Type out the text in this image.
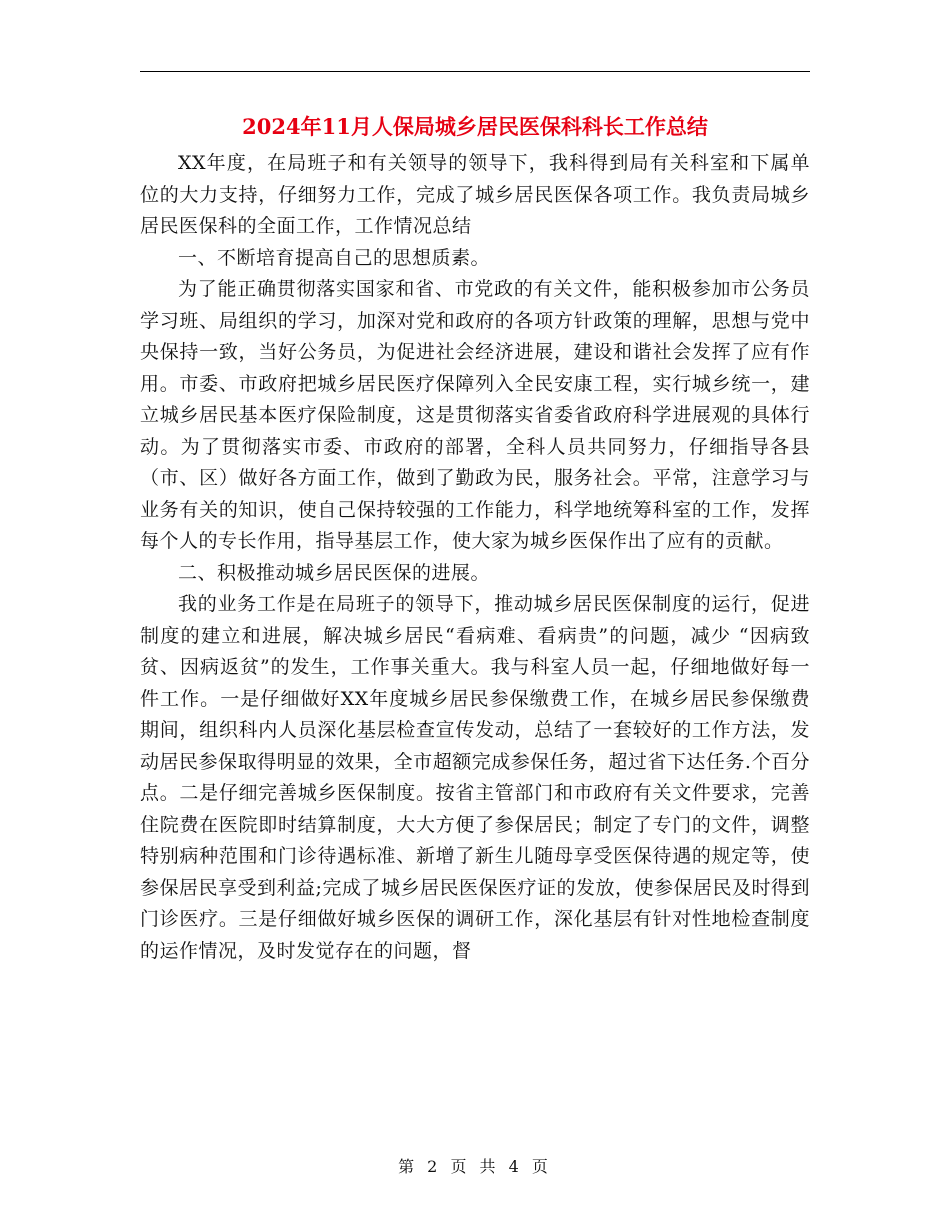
2024年11月人保局城乡居民医保科科长工作总结

XX年度，在局班子和有关领导的领导下，我科得到局有关科室和下属单位的大力支持，仔细努力工作，完成了城乡居民医保各项工作。我负责局城乡居民医保科的全面工作，工作情况总结

一、不断培育提高自己的思想质素。

为了能正确贯彻落实国家和省、市党政的有关文件，能积极参加市公务员学习班、局组织的学习，加深对党和政府的各项方针政策的理解，思想与党中央保持一致，当好公务员，为促进社会经济进展，建设和谐社会发挥了应有作用。市委、市政府把城乡居民医疗保障列入全民安康工程，实行城乡统一，建立城乡居民基本医疗保险制度，这是贯彻落实省委省政府科学进展观的具体行动。为了贯彻落实市委、市政府的部署，全科人员共同努力，仔细指导各县（市、区）做好各方面工作，做到了勤政为民，服务社会。平常，注意学习与业务有关的知识，使自己保持较强的工作能力，科学地统筹科室的工作，发挥每个人的专长作用，指导基层工作，使大家为城乡医保作出了应有的贡献。

二、积极推动城乡居民医保的进展。

我的业务工作是在局班子的领导下，推动城乡居民医保制度的运行，促进制度的建立和进展，解决城乡居民“看病难、看病贵”的问题，减少 “因病致贫、因病返贫”的发生，工作事关重大。我与科室人员一起，仔细地做好每一件工作。一是仔细做好XX年度城乡居民参保缴费工作，在城乡居民参保缴费期间，组织科内人员深化基层检查宣传发动，总结了一套较好的工作方法，发动居民参保取得明显的效果，全市超额完成参保任务，超过省下达任务.个百分点。二是仔细完善城乡医保制度。按省主管部门和市政府有关文件要求，完善住院费在医院即时结算制度，大大方便了参保居民；制定了专门的文件，调整特别病种范围和门诊待遇标准、新增了新生儿随母享受医保待遇的规定等，使参保居民享受到利益;完成了城乡居民医保医疗证的发放，使参保居民及时得到门诊医疗。三是仔细做好城乡医保的调研工作，深化基层有针对性地检查制度的运作情况，及时发觉存在的问题，督

第 2 页 共 4 页
